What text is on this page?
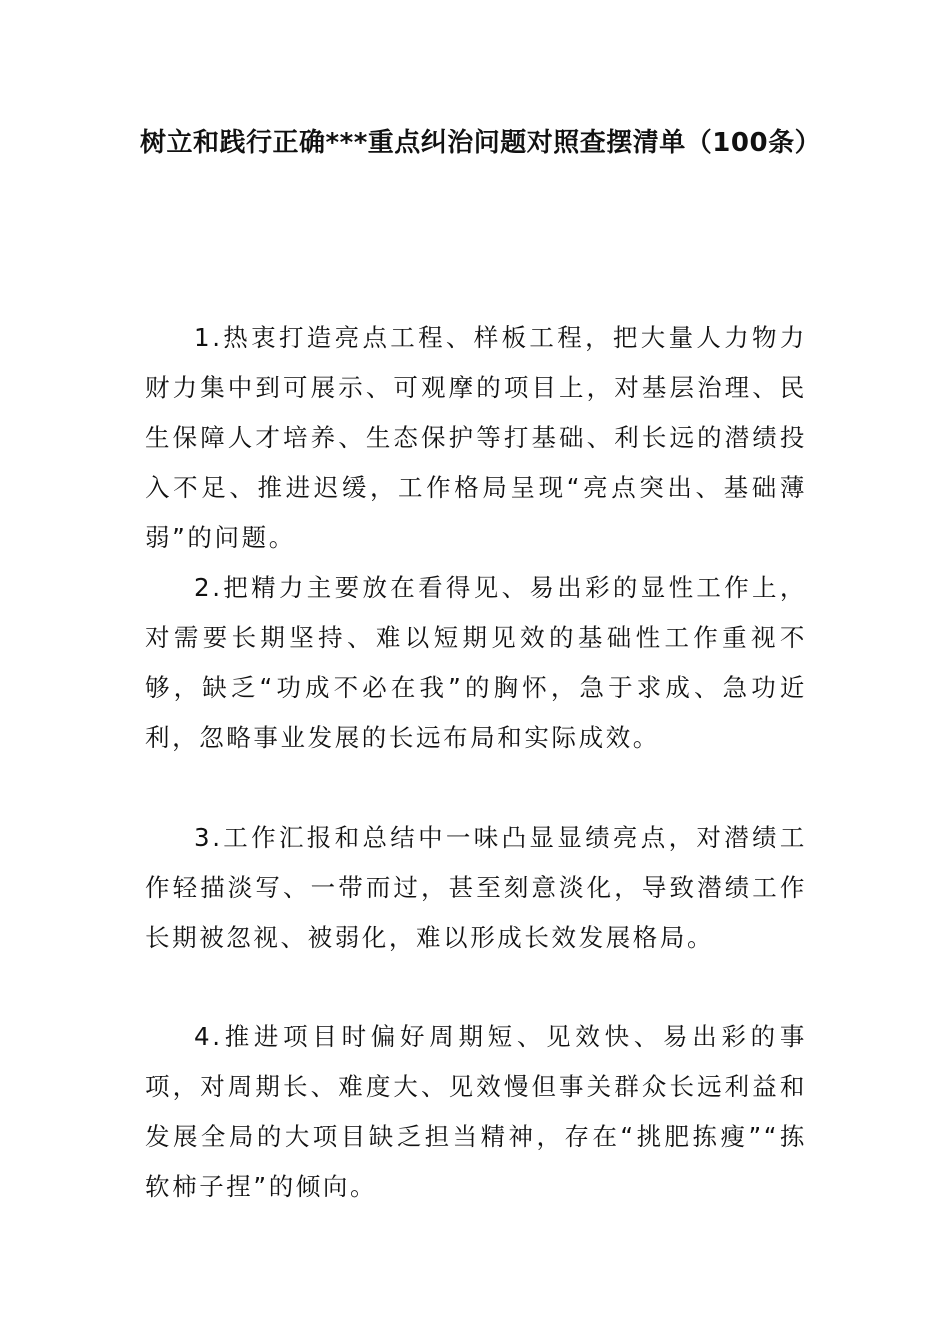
树立和践行正确***重点纠治问题对照查摆清单（100条）

1.热衷打造亮点工程、样板工程，把大量人力物力财力集中到可展示、可观摩的项目上，对基层治理、民生保障人才培养、生态保护等打基础、利长远的潜绩投入不足、推进迟缓，工作格局呈现“亮点突出、基础薄弱”的问题。

2.把精力主要放在看得见、易出彩的显性工作上，对需要长期坚持、难以短期见效的基础性工作重视不够，缺乏“功成不必在我”的胸怀，急于求成、急功近利，忽略事业发展的长远布局和实际成效。

3.工作汇报和总结中一味凸显显绩亮点，对潜绩工作轻描淡写、一带而过，甚至刻意淡化，导致潜绩工作长期被忽视、被弱化，难以形成长效发展格局。

4.推进项目时偏好周期短、见效快、易出彩的事项，对周期长、难度大、见效慢但事关群众长远利益和发展全局的大项目缺乏担当精神，存在“挑肥拣瘦”“拣软柿子捏”的倾向。
